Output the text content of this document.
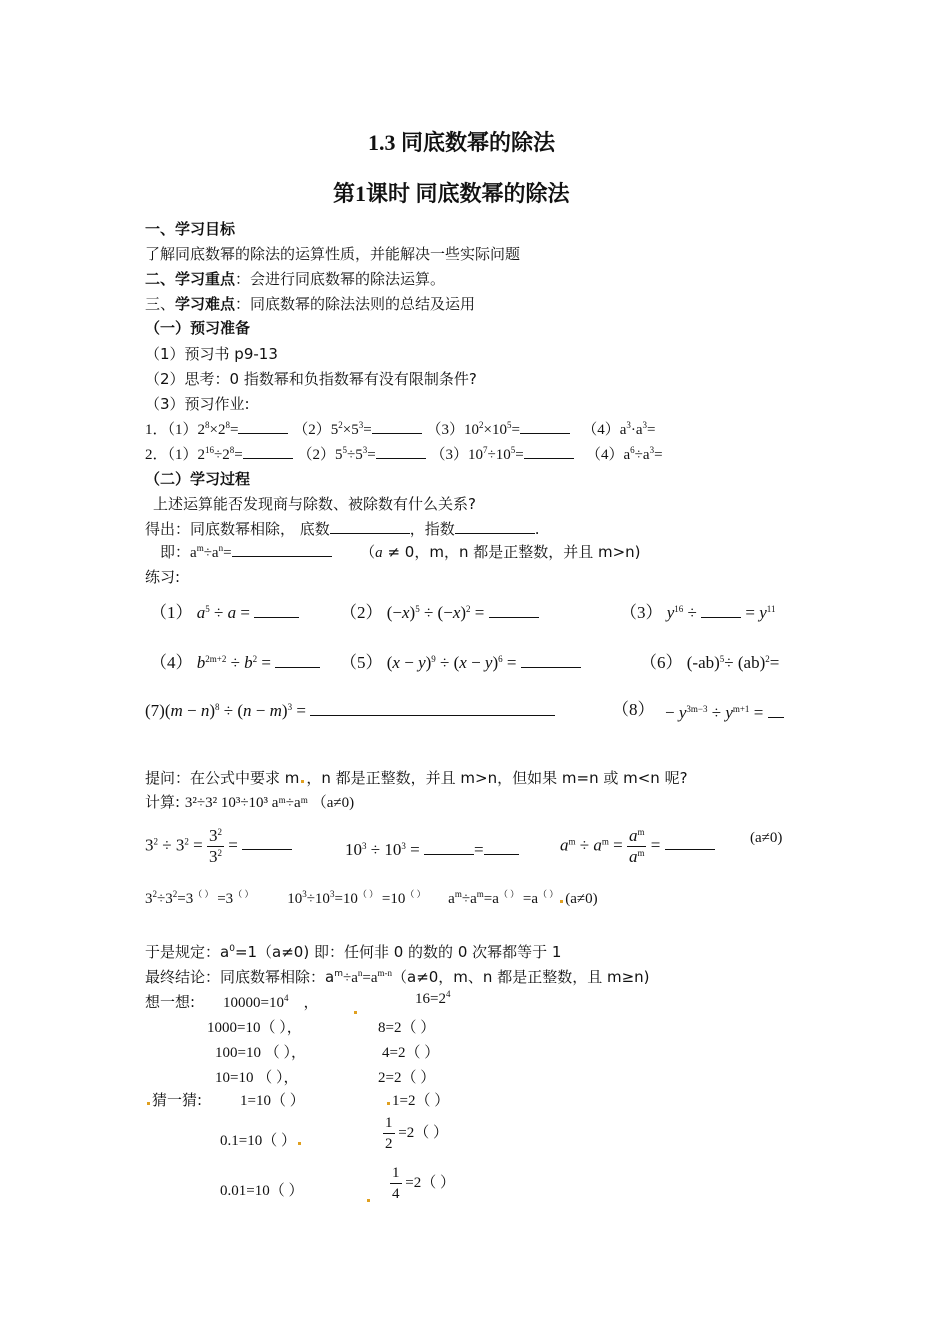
1.3 同底数幂的除法
第1课时 同底数幂的除法
一、学习目标
了解同底数幂的除法的运算性质，并能解决一些实际问题
二、学习重点：会进行同底数幂的除法运算。
三、学习难点：同底数幂的除法法则的总结及运用
（一）预习准备
（1）预习书 p9-13
（2）思考：0 指数幂和负指数幂有没有限制条件?
（3）预习作业:
1．$(1)2^8\times 2^8=$	$(2)5^2\times 5^3=$	$(3)10^2\times 10^5=$	$(4)a^3\cdot a^3=$
2．$(1)2^{16}\div 2^8=$	$(2)5^5\div 5^3=$	$(3)10^7\div 10^5=$	$(4)a^6\div a^3=$
（二）学习过程
上述运算能否发现商与除数、被除数有什么关系?
得出：同底数幂相除， 底数	，指数	.
即：$a^m\div a^n=$	（a ≠ 0，m，n 都是正整数，并且 m>n)
练习:
（1） $a^5 \div a$ =	（2） $(-x)^5 \div (-x)^2$ =	（3） $y^{16}$ ÷  = $y^{11}$
（4） $b^{2m+2} \div b^2$ =	（5） $(x - y)^9 \div (x - y)^6$ =	（6） $(-ab)^5\div (ab)^2=$
$(7)(m - n)^8 \div (n - m)^3$ =	$(8) - y^{3m-3} \div y^{m+1}$ =
提问：在公式中要求 m ，n 都是正整数，并且 m>n，但如果 m=n 或 m<n 呢?
计算: 3²÷3² 10³÷10³ aᵐ÷aᵐ （a≠0)
$3^2 \div 3^2 = \frac{3^2}{3^2}$ =	$10^3 \div 10^3$ =	=	$a^m \div a^m = \frac{a^m}{a^m}$ =	(a≠0)
$3^2\div 3^2=3^{( )} =3^{( )}$         $10^3\div 10^3=10^{( )} =10^{( )}$      $a^m\div a^m=a^{( )} =a^{( )}$ (a≠0)
于是规定：$a^0=1(a\ne 0)$ 即：任何非 0 的数的 0 次幂都等于 1
最终结论：同底数幂相除：$a^m\div a^n=a^{m-n}(a\ne 0$，m、n 都是正整数，且 m≥n)
想一想: $10000=10^4$    ，	$16=2^4$
1000=10（ ），	8=2（ ）
100=10 （ ），	4=2（ ）
10=10 （ ），	2=2（ ）
猜一猜:	1=10（ ）	1=2（ ）
0.1=10（ ）	$\frac{1}{2} =2$（ ）
0.01=10（ ）	$\frac{1}{4} =2$（ ）
